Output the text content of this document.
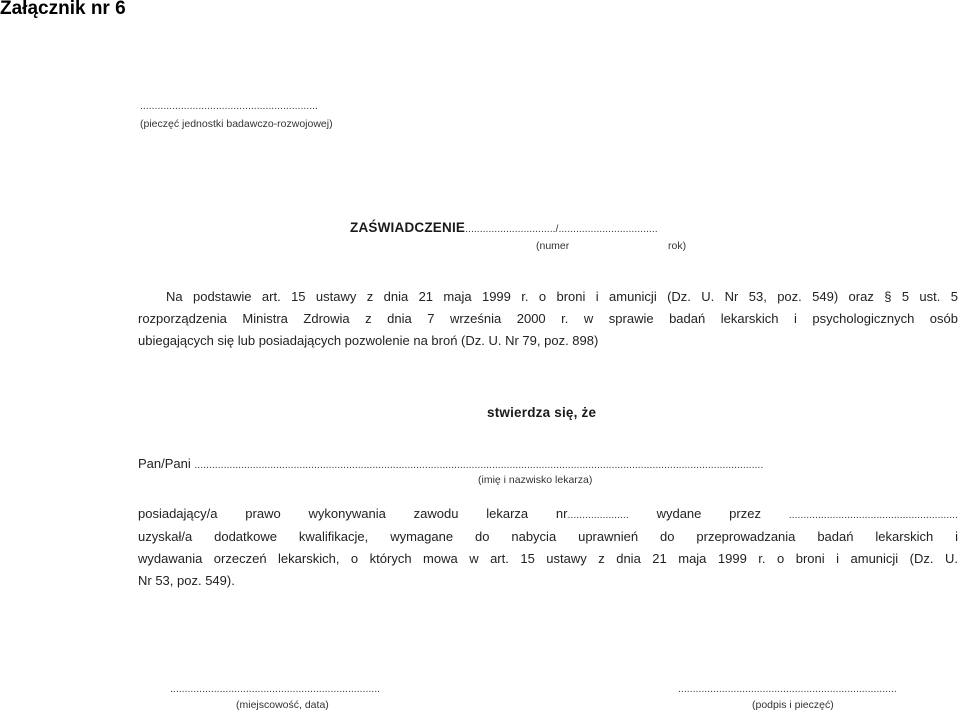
Załącznik nr 6
.............................................................
(pieczęć jednostki badawczo-rozwojowej)
ZAŚWIADCZENIE.............................../..................................
(numer	rok)
Na podstawie art. 15 ustawy z dnia 21 maja 1999 r. o broni i amunicji (Dz. U. Nr 53, poz. 549) oraz § 5 ust. 5
rozporządzenia Ministra Zdrowia z dnia 7 września 2000 r. w sprawie badań lekarskich i psychologicznych osób
ubiegających się lub posiadających pozwolenie na broń (Dz. U. Nr 79, poz. 898)
stwierdza się, że
Pan/Pani ...................................................................................................................................................................................................
(imię i nazwisko lekarza)
posiadający/a prawo wykonywania zawodu lekarza nr..................... wydane przez	..........................................................
uzyskał/a dodatkowe kwalifikacje, wymagane do nabycia uprawnień do przeprowadzania badań lekarskich i
wydawania orzeczeń lekarskich, o których mowa w art. 15 ustawy z dnia 21 maja 1999 r. o broni i amunicji (Dz. U.
Nr 53, poz. 549).
........................................................................
(miejscowość, data)
...........................................................................
(podpis i pieczęć)
